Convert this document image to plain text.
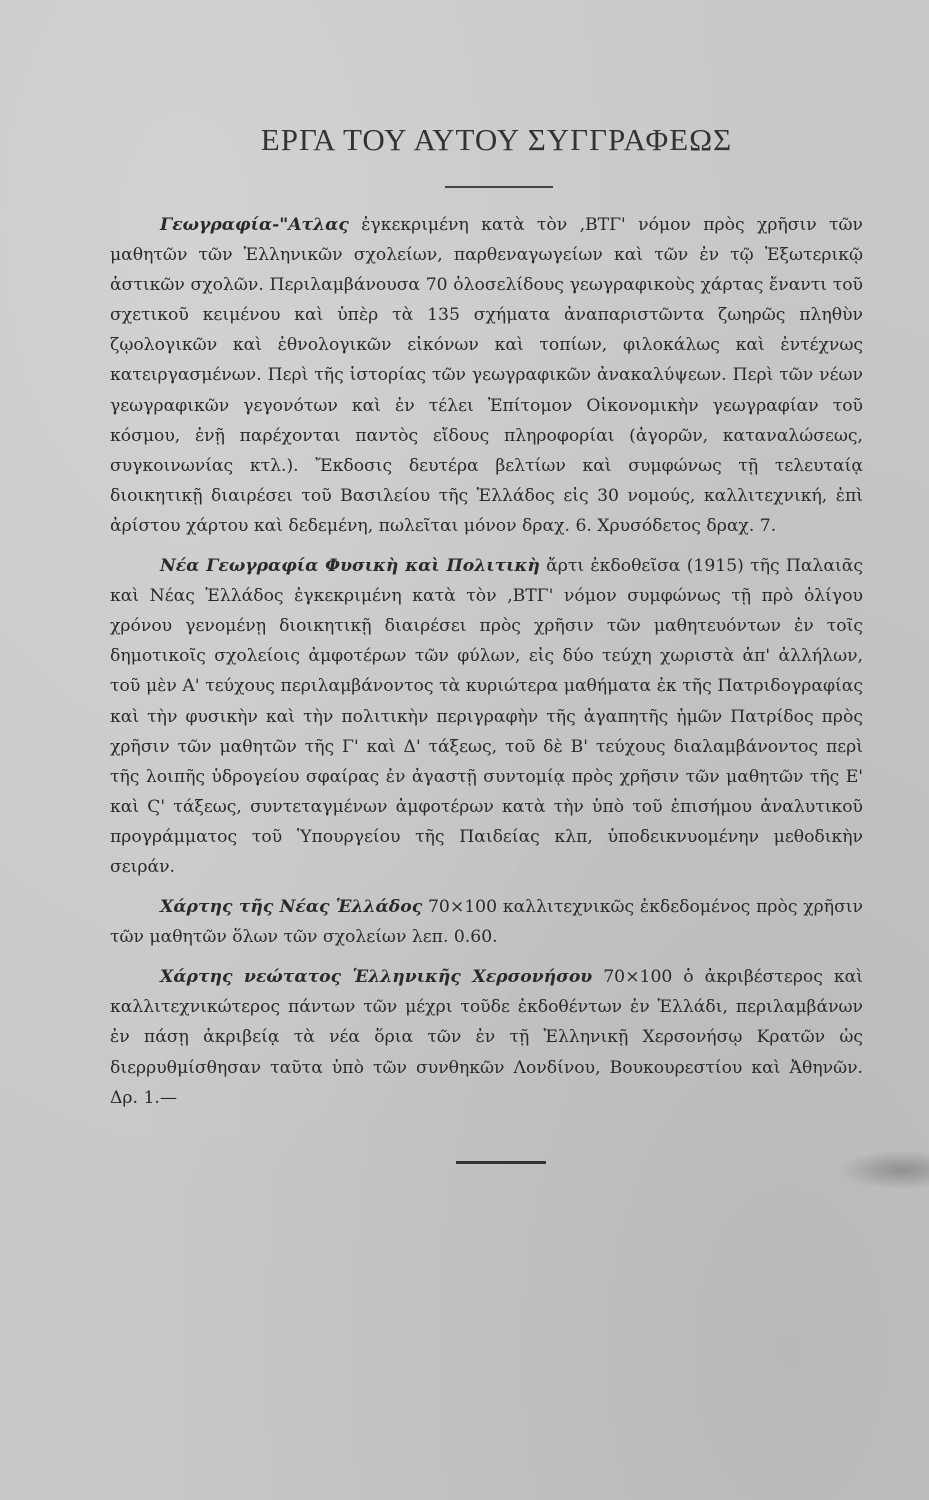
ΕΡΓΑ ΤΟΥ ΑΥΤΟΥ ΣΥΓΓΡΑΦΕΩΣ

Γεωγραφία-"Ατλας ἐγκεκριμένη κατὰ τὸν ‚ΒΤΓ' νόμον πρὸς χρῆσιν τῶν μαθητῶν τῶν Ἑλληνικῶν σχολείων, παρθεναγωγείων καὶ τῶν ἐν τῷ Ἐξωτερικῷ ἀστικῶν σχολῶν. Περιλαμβάνουσα 70 ὁλοσελίδους γεωγραφικοὺς χάρτας ἔναντι τοῦ σχετικοῦ κειμένου καὶ ὑπὲρ τὰ 135 σχήματα ἀναπαριστῶντα ζωηρῶς πληθὺν ζῳολογικῶν καὶ ἐθνολογικῶν εἰκόνων καὶ τοπίων, φιλοκάλως καὶ ἐντέχνως κατειργασμένων. Περὶ τῆς ἱστορίας τῶν γεωγραφικῶν ἀνακαλύψεων. Περὶ τῶν νέων γεωγραφικῶν γεγονότων καὶ ἐν τέλει Ἐπίτομον Οἰκονομικὴν γεωγραφίαν τοῦ κόσμου, ἐνῇ παρέχονται παντὸς εἴδους πληροφορίαι (ἀγορῶν, καταναλώσεως, συγκοινωνίας κτλ.). Ἔκδοσις δευτέρα βελτίων καὶ συμφώνως τῇ τελευταίᾳ διοικητικῇ διαιρέσει τοῦ Βασιλείου τῆς Ἑλλάδος εἰς 30 νομούς, καλλιτεχνική, ἐπὶ ἀρίστου χάρτου καὶ δεδεμένη, πωλεῖται μόνον δραχ. 6. Χρυσόδετος δραχ. 7.

Νέα Γεωγραφία Φυσικὴ καὶ Πολιτικὴ ἄρτι ἐκδοθεῖσα (1915) τῆς Παλαιᾶς καὶ Νέας Ἑλλάδος ἐγκεκριμένη κατὰ τὸν ‚ΒΤΓ' νόμον συμφώνως τῇ πρὸ ὀλίγου χρόνου γενομένῃ διοικητικῇ διαιρέσει πρὸς χρῆσιν τῶν μαθητευόντων ἐν τοῖς δημοτικοῖς σχολείοις ἀμφοτέρων τῶν φύλων, εἰς δύο τεύχη χωριστὰ ἀπ' ἀλλήλων, τοῦ μὲν Α' τεύχους περιλαμβάνοντος τὰ κυριώτερα μαθήματα ἐκ τῆς Πατριδογραφίας καὶ τὴν φυσικὴν καὶ τὴν πολιτικὴν περιγραφὴν τῆς ἀγαπητῆς ἡμῶν Πατρίδος πρὸς χρῆσιν τῶν μαθητῶν τῆς Γ' καὶ Δ' τάξεως, τοῦ δὲ Β' τεύχους διαλαμβάνοντος περὶ τῆς λοιπῆς ὑδρογείου σφαίρας ἐν ἀγαστῇ συντομίᾳ πρὸς χρῆσιν τῶν μαθητῶν τῆς Ε' καὶ Ϛ' τάξεως, συντεταγμένων ἀμφοτέρων κατὰ τὴν ὑπὸ τοῦ ἐπισήμου ἀναλυτικοῦ προγράμματος τοῦ Ὑπουργείου τῆς Παιδείας κλπ, ὑποδεικνυομένην μεθοδικὴν σειράν.

Χάρτης τῆς Νέας Ἑλλάδος 70×100 καλλιτεχνικῶς ἐκδεδομένος πρὸς χρῆσιν τῶν μαθητῶν ὅλων τῶν σχολείων λεπ. 0.60.

Χάρτης νεώτατος Ἑλληνικῆς Χερσονήσου 70×100 ὁ ἀκριβέστερος καὶ καλλιτεχνικώτερος πάντων τῶν μέχρι τοῦδε ἐκδοθέντων ἐν Ἑλλάδι, περιλαμβάνων ἐν πάσῃ ἀκριβείᾳ τὰ νέα ὅρια τῶν ἐν τῇ Ἑλληνικῇ Χερσονήσῳ Κρατῶν ὡς διερρυθμίσθησαν ταῦτα ὑπὸ τῶν συνθηκῶν Λονδίνου, Βουκουρεστίου καὶ Ἀθηνῶν. Δρ. 1.—
